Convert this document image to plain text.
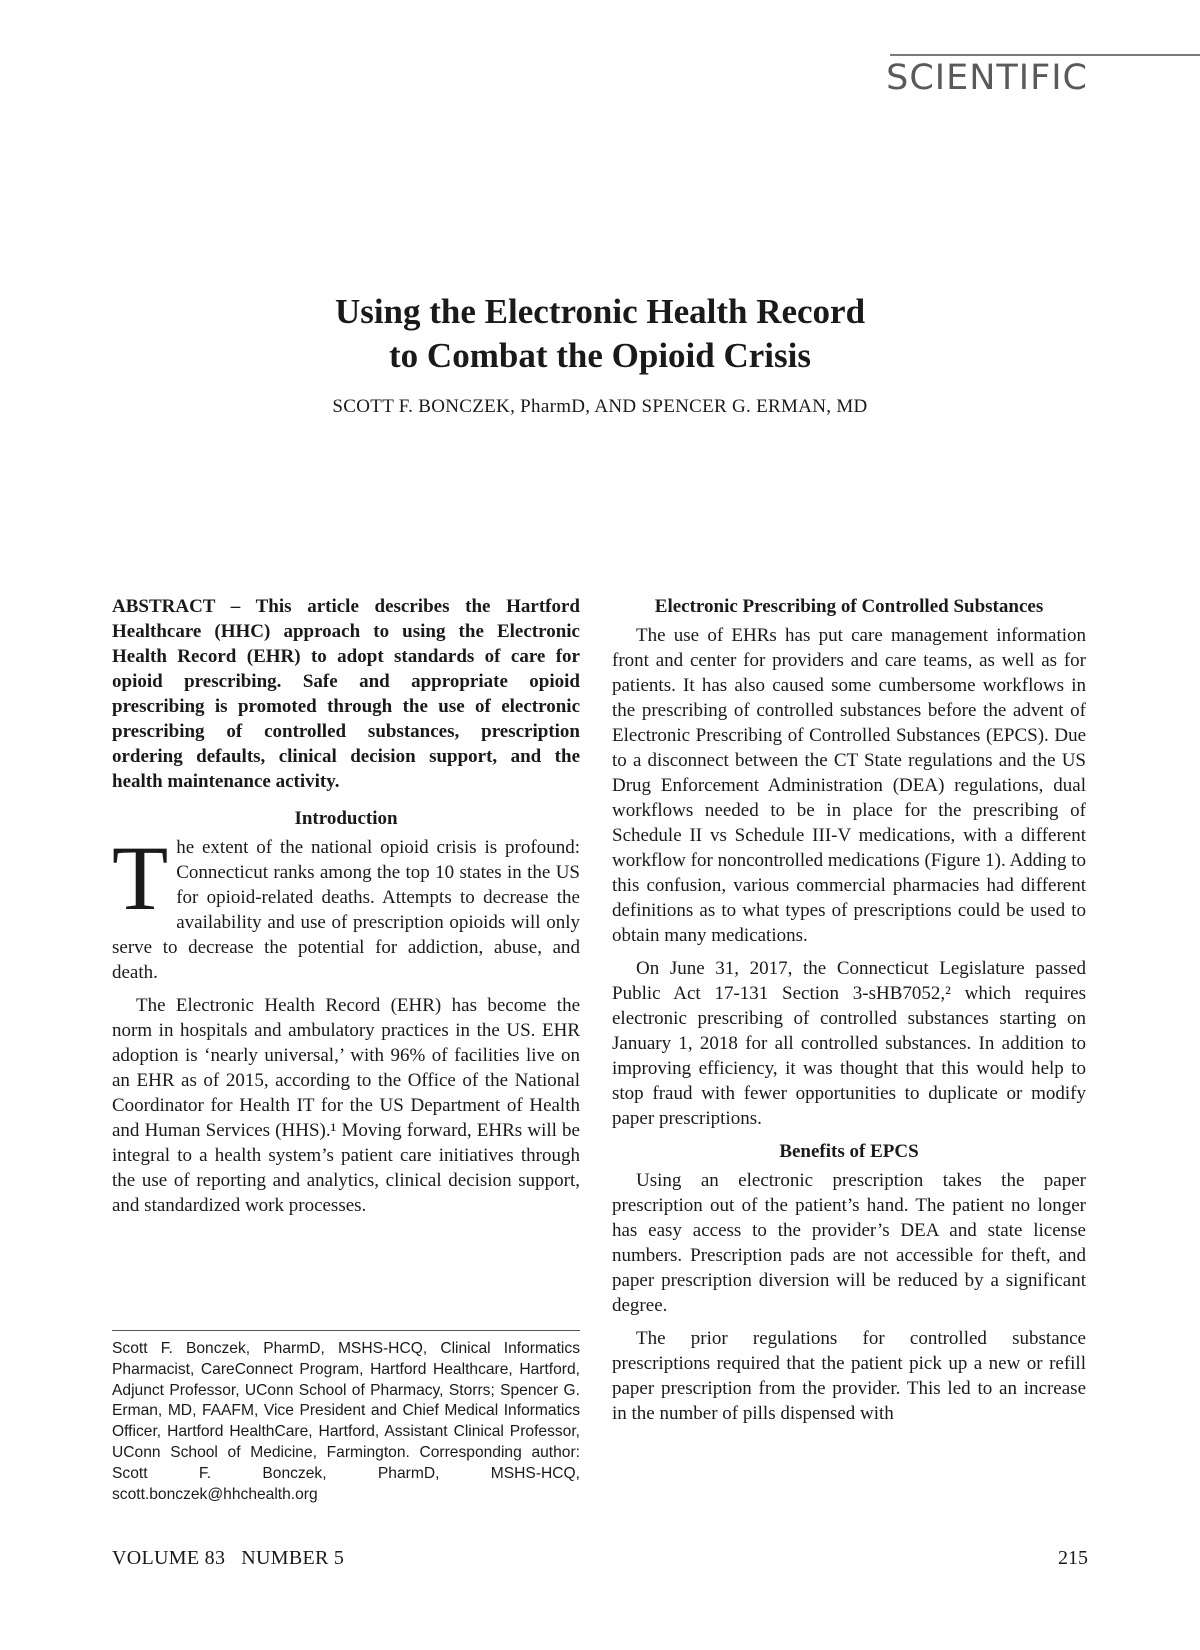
SCIENTIFIC
Using the Electronic Health Record
to Combat the Opioid Crisis
SCOTT F. BONCZEK, PharmD, AND SPENCER G. ERMAN, MD

ABSTRACT – This article describes the Hartford Healthcare (HHC) approach to using the Electronic Health Record (EHR) to adopt standards of care for opioid prescribing. Safe and appropriate opioid prescribing is promoted through the use of electronic prescribing of controlled substances, prescription ordering defaults, clinical decision support, and the health maintenance activity.

Introduction

The extent of the national opioid crisis is profound: Connecticut ranks among the top 10 states in the US for opioid-related deaths. Attempts to decrease the availability and use of prescription opioids will only serve to decrease the potential for addiction, abuse, and death.

The Electronic Health Record (EHR) has become the norm in hospitals and ambulatory practices in the US. EHR adoption is ‘nearly universal,’ with 96% of facilities live on an EHR as of 2015, according to the Office of the National Coordinator for Health IT for the US Department of Health and Human Services (HHS).¹ Moving forward, EHRs will be integral to a health system’s patient care initiatives through the use of reporting and analytics, clinical decision support, and standardized work processes.

Scott F. Bonczek, PharmD, MSHS-HCQ, Clinical Informatics Pharmacist, CareConnect Program, Hartford Healthcare, Hartford, Adjunct Professor, UConn School of Pharmacy, Storrs; Spencer G. Erman, MD, FAAFM, Vice President and Chief Medical Informatics Officer, Hartford HealthCare, Hartford, Assistant Clinical Professor, UConn School of Medicine, Farmington. Corresponding author: Scott F. Bonczek, PharmD, MSHS-HCQ, scott.bonczek@hhchealth.org
Electronic Prescribing of Controlled Substances

The use of EHRs has put care management information front and center for providers and care teams, as well as for patients. It has also caused some cumbersome workflows in the prescribing of controlled substances before the advent of Electronic Prescribing of Controlled Substances (EPCS). Due to a disconnect between the CT State regulations and the US Drug Enforcement Administration (DEA) regulations, dual workflows needed to be in place for the prescribing of Schedule II vs Schedule III-V medications, with a different workflow for noncontrolled medications (Figure 1). Adding to this confusion, various commercial pharmacies had different definitions as to what types of prescriptions could be used to obtain many medications.

On June 31, 2017, the Connecticut Legislature passed Public Act 17-131 Section 3-sHB7052,² which requires electronic prescribing of controlled substances starting on January 1, 2018 for all controlled substances. In addition to improving efficiency, it was thought that this would help to stop fraud with fewer opportunities to duplicate or modify paper prescriptions.

Benefits of EPCS

Using an electronic prescription takes the paper prescription out of the patient’s hand. The patient no longer has easy access to the provider’s DEA and state license numbers. Prescription pads are not accessible for theft, and paper prescription diversion will be reduced by a significant degree.

The prior regulations for controlled substance prescriptions required that the patient pick up a new or refill paper prescription from the provider. This led to an increase in the number of pills dispensed with

VOLUME 83 NUMBER 5	215
